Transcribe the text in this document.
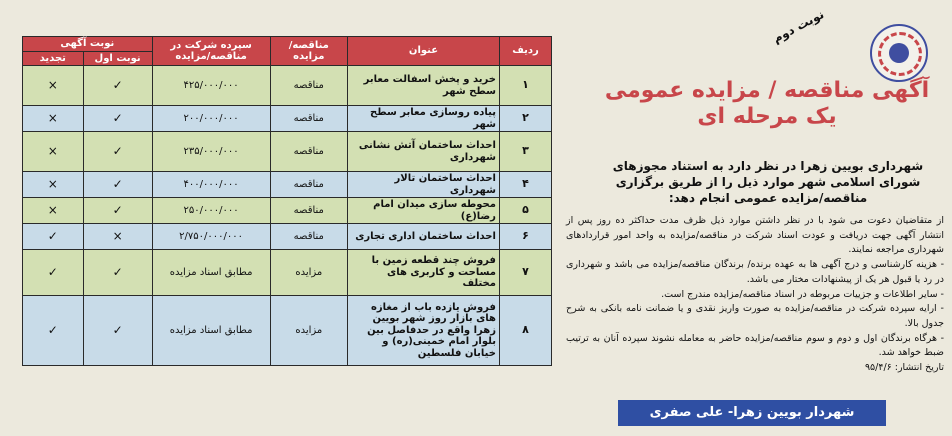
ردیف	عنوان	مناقصه/مزایده	سپرده شرکت در مناقصه/مزایده	نوبت آگهی	
				نوبت اول	تجدید
۱	خرید و پخش اسفالت معابر سطح شهر	مناقصه	۴۲۵/۰۰۰/۰۰۰	✓	×
۲	پیاده روسازی معابر سطح شهر	مناقصه	۲۰۰/۰۰۰/۰۰۰	✓	×
۳	احداث ساختمان آتش نشانی شهرداری	مناقصه	۲۳۵/۰۰۰/۰۰۰	✓	×
۴	احداث ساختمان تالار شهرداری	مناقصه	۴۰۰/۰۰۰/۰۰۰	✓	×
۵	محوطه سازی میدان امام رضا(ع)	مناقصه	۲۵۰/۰۰۰/۰۰۰	✓	×
۶	احداث ساختمان اداری تجاری	مناقصه	۲/۷۵۰/۰۰۰/۰۰۰	×	✓
۷	فروش چند قطعه زمین با مساحت و کاربری های مختلف	مزایده	مطابق اسناد مزایده	✓	✓
۸	فروش یازده باب از مغازه های بازار روز شهر بویین زهرا واقع در حدفاصل بین بلوار امام خمینی(ره) و خیابان فلسطین	مزایده	مطابق اسناد مزایده	✓	✓
نوبت دوم
آگهی مناقصه / مزایده عمومی
یک مرحله ای
شهرداری بویین زهرا در نظر دارد به استناد مجوزهای شورای اسلامی شهر موارد ذیل را از طریق برگزاری مناقصه/مزایده عمومی انجام دهد:

از متقاضیان دعوت می شود با در نظر داشتن موارد ذیل ظرف مدت حداکثر ده روز پس از انتشار آگهی جهت دریافت و عودت اسناد شرکت در مناقصه/مزایده به واحد امور قراردادهای شهرداری مراجعه نمایند.

- هزینه کارشناسی و درج آگهی ها به عهده برنده/ برندگان مناقصه/مزایده می باشد و شهرداری در رد یا قبول هر یک از پیشنهادات مختار می باشد.

- سایر اطلاعات و جزییات مربوطه در اسناد مناقصه/مزایده مندرج است.

- ارایه سپرده شرکت در مناقصه/مزایده به صورت واریز نقدی و یا ضمانت نامه بانکی به شرح جدول بالا.

- هرگاه برندگان اول و دوم و سوم مناقصه/مزایده حاضر به معامله نشوند سپرده آنان به ترتیب ضبط خواهد شد.

تاریخ انتشار: ۹۵/۴/۶

شهردار بویین زهرا- علی صفری
